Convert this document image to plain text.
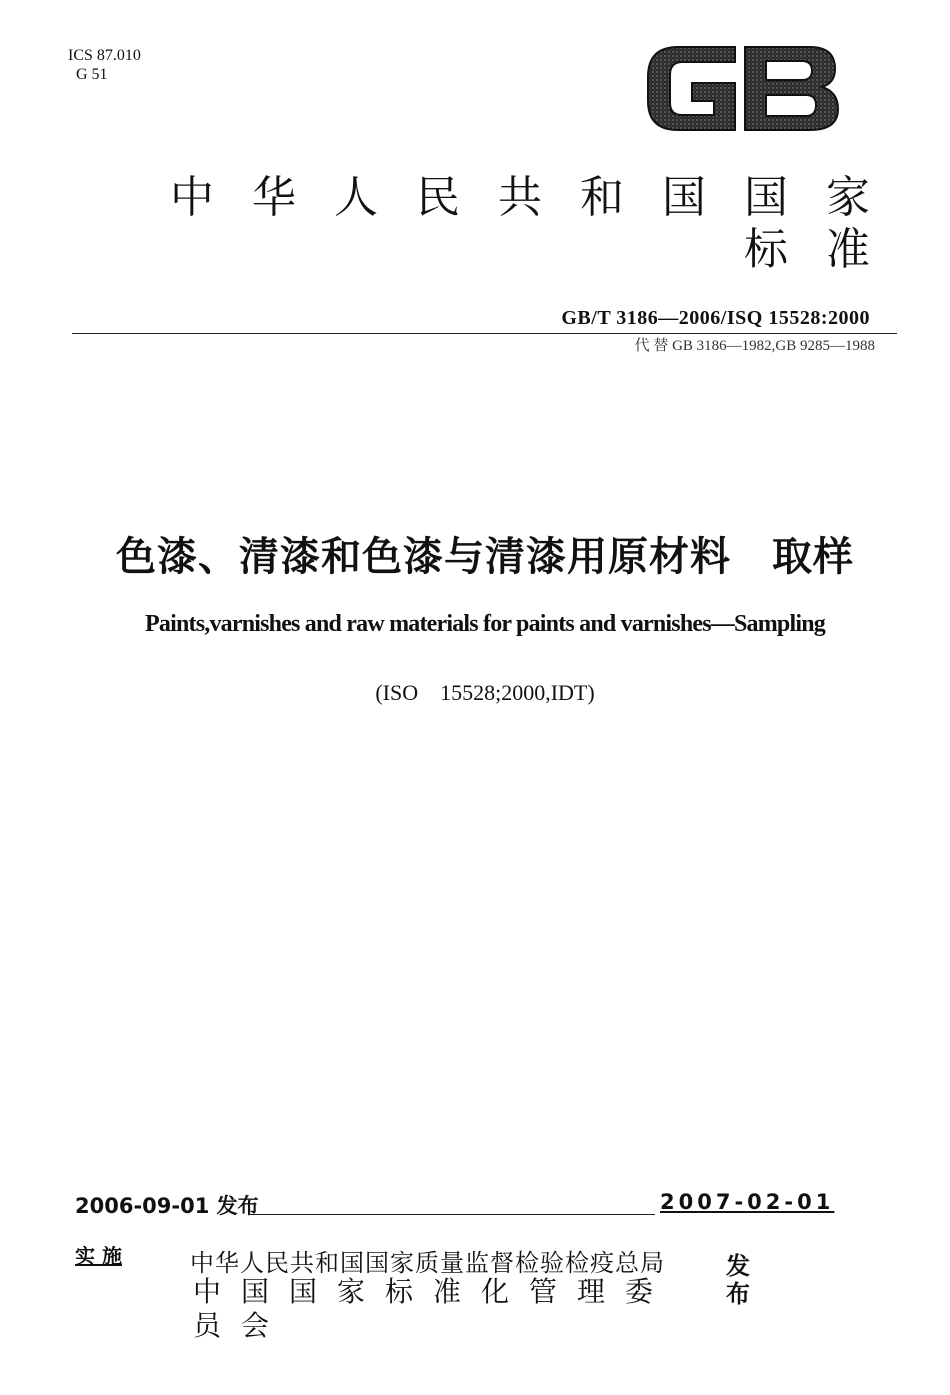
ICS 87.010
G 51
中华人民共和国国家标准
GB/T 3186—2006/ISQ 15528:2000
代 替 GB 3186—1982,GB 9285—1988
色漆、清漆和色漆与清漆用原材料　取样
Paints,varnishes and raw materials for paints and varnishes—Sampling
(ISO　15528;2000,IDT)
2006-09-01 发布	2007-02-01
实 施	中华人民共和国国家质量监督检验检疫总局
中国国家标准化管理委员会
发布
